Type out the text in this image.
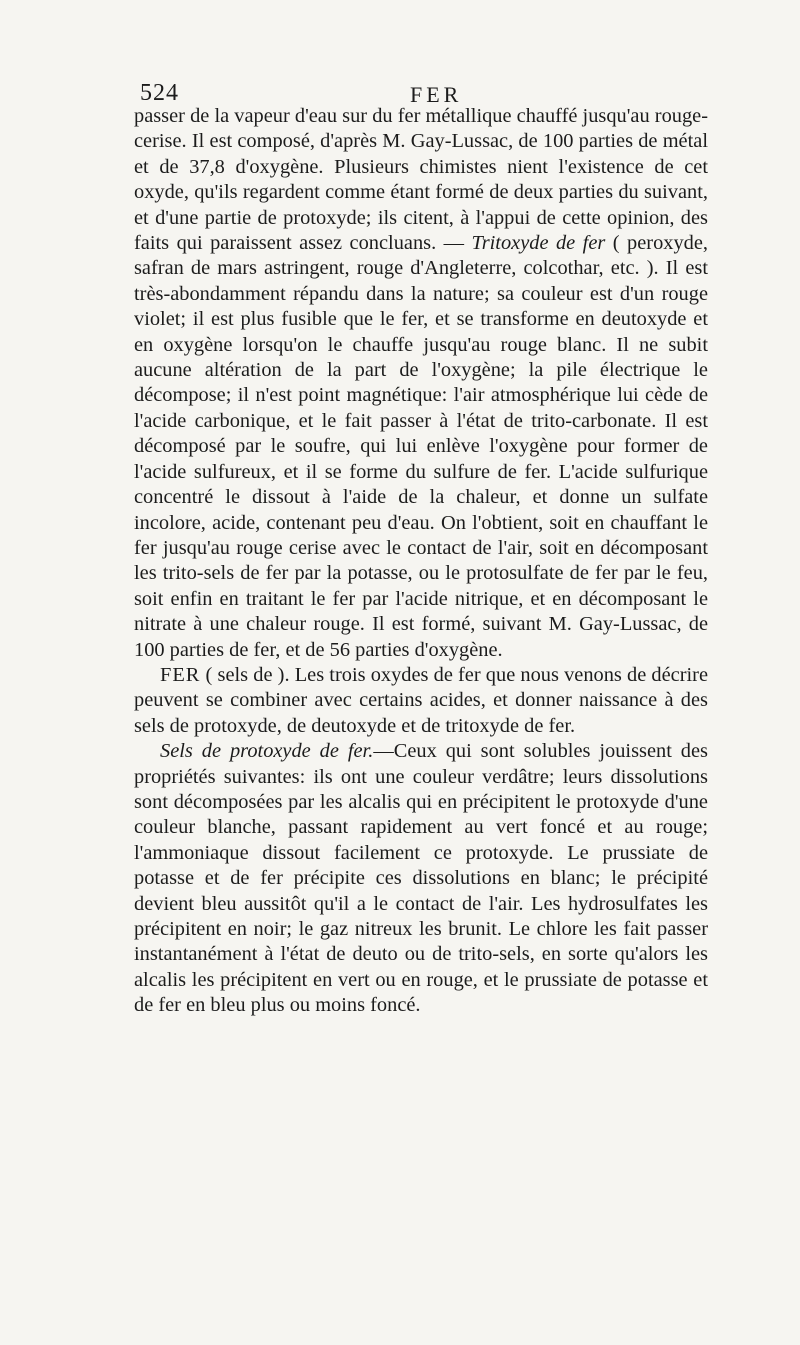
524	FER

passer de la vapeur d'eau sur du fer métallique chauffé jusqu'au rouge-cerise. Il est composé, d'après M. Gay-Lussac, de 100 parties de métal et de 37,8 d'oxygène. Plusieurs chimistes nient l'existence de cet oxyde, qu'ils regardent comme étant formé de deux parties du suivant, et d'une partie de protoxyde; ils citent, à l'appui de cette opinion, des faits qui paraissent assez concluans. — Tritoxyde de fer ( peroxyde, safran de mars astringent, rouge d'Angleterre, colcothar, etc. ). Il est très-abondamment répandu dans la nature; sa couleur est d'un rouge violet; il est plus fusible que le fer, et se transforme en deutoxyde et en oxygène lorsqu'on le chauffe jusqu'au rouge blanc. Il ne subit aucune altération de la part de l'oxygène; la pile électrique le décompose; il n'est point magnétique: l'air atmosphérique lui cède de l'acide carbonique, et le fait passer à l'état de trito-carbonate. Il est décomposé par le soufre, qui lui enlève l'oxygène pour former de l'acide sulfureux, et il se forme du sulfure de fer. L'acide sulfurique concentré le dissout à l'aide de la chaleur, et donne un sulfate incolore, acide, contenant peu d'eau. On l'obtient, soit en chauffant le fer jusqu'au rouge cerise avec le contact de l'air, soit en décomposant les trito-sels de fer par la potasse, ou le protosulfate de fer par le feu, soit enfin en traitant le fer par l'acide nitrique, et en décomposant le nitrate à une chaleur rouge. Il est formé, suivant M. Gay-Lussac, de 100 parties de fer, et de 56 parties d'oxygène.

FER ( sels de ). Les trois oxydes de fer que nous venons de décrire peuvent se combiner avec certains acides, et donner naissance à des sels de protoxyde, de deutoxyde et de tritoxyde de fer.

Sels de protoxyde de fer.—Ceux qui sont solubles jouissent des propriétés suivantes: ils ont une couleur verdâtre; leurs dissolutions sont décomposées par les alcalis qui en précipitent le protoxyde d'une couleur blanche, passant rapidement au vert foncé et au rouge; l'ammoniaque dissout facilement ce protoxyde. Le prussiate de potasse et de fer précipite ces dissolutions en blanc; le précipité devient bleu aussitôt qu'il a le contact de l'air. Les hydrosulfates les précipitent en noir; le gaz nitreux les brunit. Le chlore les fait passer instantanément à l'état de deuto ou de trito-sels, en sorte qu'alors les alcalis les précipitent en vert ou en rouge, et le prussiate de potasse et de fer en bleu plus ou moins foncé.
